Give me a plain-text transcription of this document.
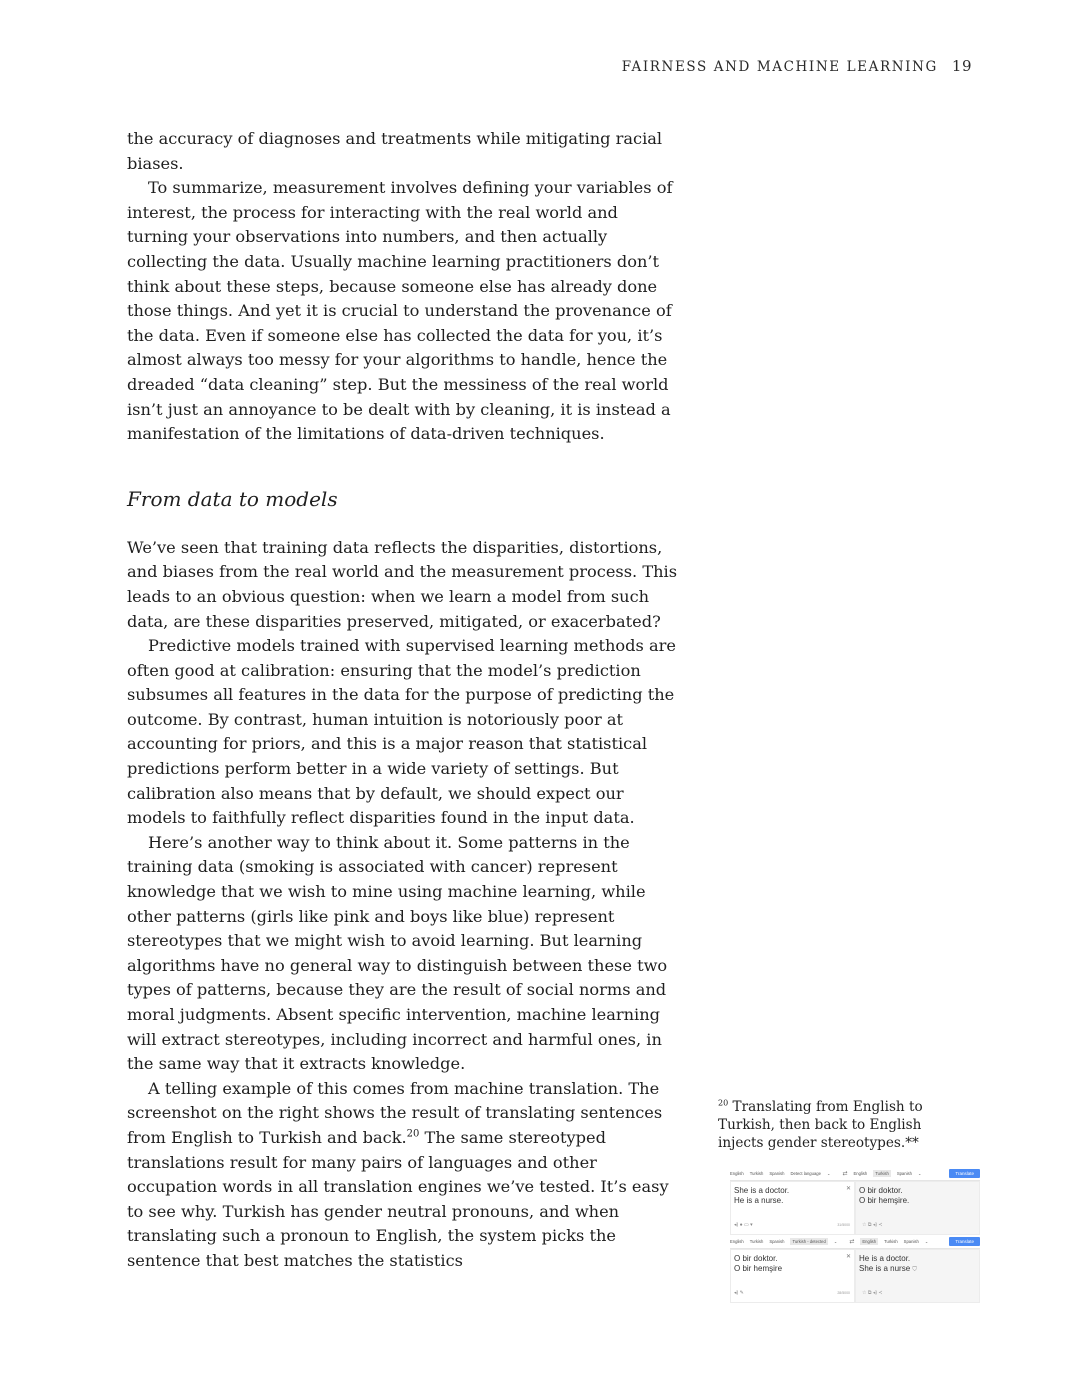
FAIRNESS AND MACHINE LEARNING 19

the accuracy of diagnoses and treatments while mitigating racial biases.

To summarize, measurement involves defining your variables of interest, the process for interacting with the real world and turning your observations into numbers, and then actually collecting the data. Usually machine learning practitioners don’t think about these steps, because someone else has already done those things. And yet it is crucial to understand the provenance of the data. Even if someone else has collected the data for you, it’s almost always too messy for your algorithms to handle, hence the dreaded “data cleaning” step. But the messiness of the real world isn’t just an annoyance to be dealt with by cleaning, it is instead a manifestation of the limitations of data-driven techniques.

From data to models

We’ve seen that training data reflects the disparities, distortions, and biases from the real world and the measurement process. This leads to an obvious question: when we learn a model from such data, are these disparities preserved, mitigated, or exacerbated?

Predictive models trained with supervised learning methods are often good at calibration: ensuring that the model’s prediction subsumes all features in the data for the purpose of predicting the outcome. By contrast, human intuition is notoriously poor at accounting for priors, and this is a major reason that statistical predictions perform better in a wide variety of settings. But calibration also means that by default, we should expect our models to faithfully reflect disparities found in the input data.

Here’s another way to think about it. Some patterns in the training data (smoking is associated with cancer) represent knowledge that we wish to mine using machine learning, while other patterns (girls like pink and boys like blue) represent stereotypes that we might wish to avoid learning. But learning algorithms have no general way to distinguish between these two types of patterns, because they are the result of social norms and moral judgments. Absent specific intervention, machine learning will extract stereotypes, including incorrect and harmful ones, in the same way that it extracts knowledge.

A telling example of this comes from machine translation. The screenshot on the right shows the result of translating sentences from English to Turkish and back.$^{20}$ The same stereotyped translations result for many pairs of languages and other occupation words in all translation engines we’ve tested. It’s easy to see why. Turkish has gender neutral pronouns, and when translating such a pronoun to English, the system picks the sentence that best matches the statistics

$^{20}$ Translating from English to Turkish, then back to English injects gender stereotypes.**
English Turkish Spanish Detect language ⌄ ⇄ English	Turkish	Spanish ⌄	Translate
She is a doctor.
He is a nurse.
✕
◂) ● ▭ ▾	31/5000
O bir doktor.
O bir hemşire.
☆ ⧉ ◂) ≺
English Turkish Spanish	Turkish - detected	⌄ ⇄	English	Turkish Spanish ⌄	Translate
O bir doktor.
O bir hemşire
✕
◂) ✎	28/5000
He is a doctor.
She is a nurse ⛉
☆ ⧉ ◂) ≺
